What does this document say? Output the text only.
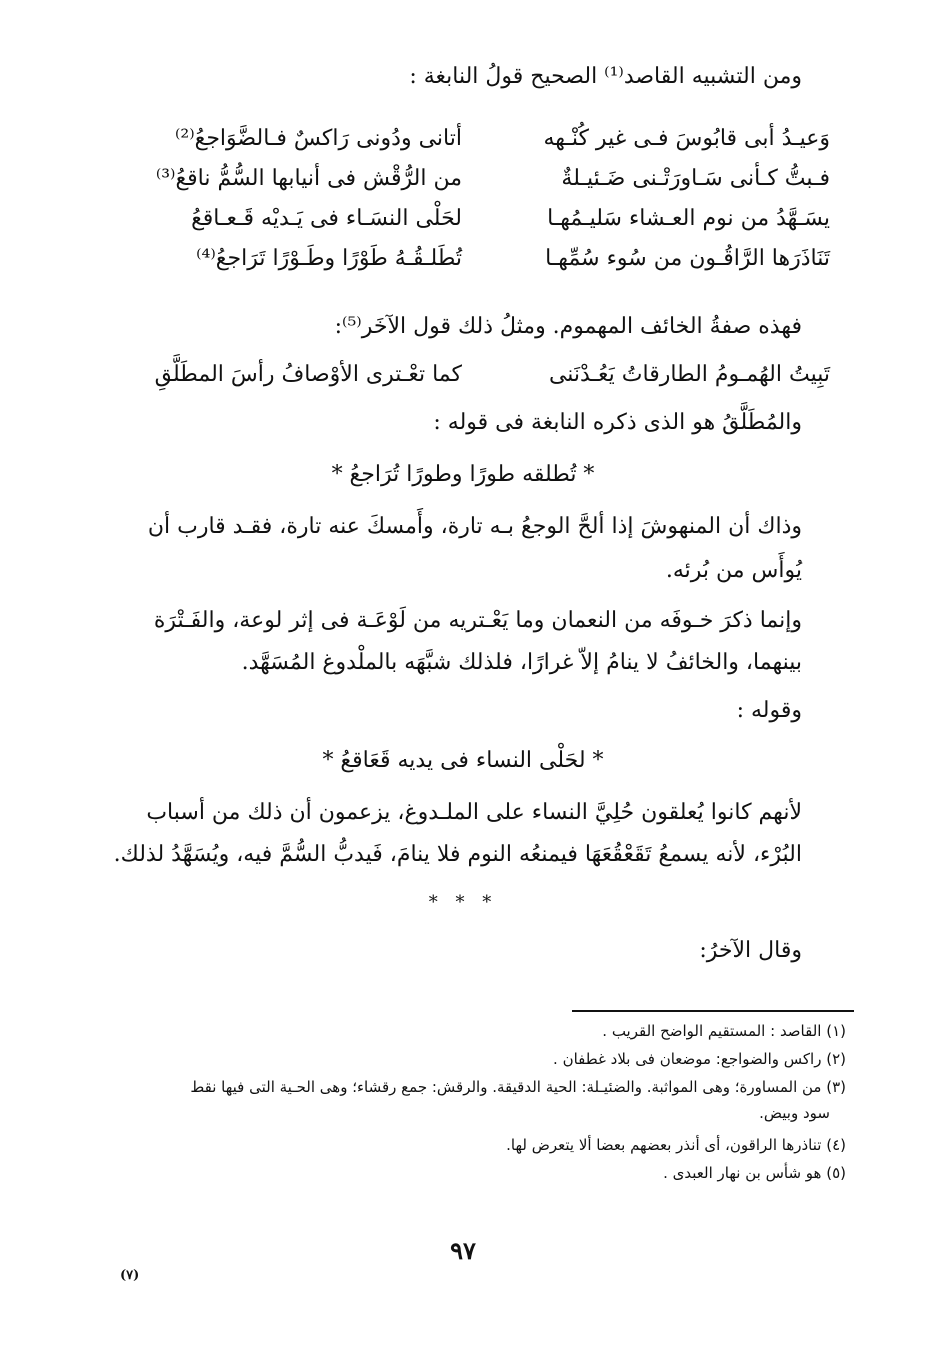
ومن التشبيه القاصد⁽¹⁾ الصحيح قولُ النابغة :
وَعيـدُ أبى قابُوسَ فـى غير كُنْـهه
أتانى ودُونى رَاكسٌ فـالضَّوَاجعُ⁽²⁾
فـبتُّ كـأنى سَـاورَتْـنى ضَـئيـلةٌ
من الرُّقْش فى أنيابها السُّمُّ ناقعُ⁽³⁾
يسَـهَّدُ من نوم العـشاء سَليـمُهـا
لحَلْى النسَـاء فى يَـديْه قَـعـاقعُ
تَنَاذَرَها الرَّاقُـون من سُوء سُمِّهـا
تُطَلـقُـهُ طَوْرًا وطَـوْرًا تَرَاجعُ⁽⁴⁾
فهذه صفةُ الخائف المهموم. ومثلُ ذلك قول الآخَر⁽⁵⁾:
تَبِيتُ الهُمـومُ الطارقاتُ يَعُـدْنَنى
كما تعْـترى الأوْصافُ رأسَ المطَلَّقِ
والمُطَلَّقُ هو الذى ذكره النابغة فى قوله :
* تُطلقه طورًا وطورًا تُرَاجعُ *
وذاك أن المنهوشَ إذا ألحَّ الوجعُ بـه تارة، وأَمسكَ عنه تارة، فقـد قارب أن
يُوأَس من بُرئه.
وإنما ذكرَ خـوفَه من النعمان وما يَعْـتريه من لَوْعَـة فى إثر لوعة، والفَـتْرَة
بينهما، والخائفُ لا ينامُ إلاّ غرارًا، فلذلك شبَّهَه بالملْدوغ المُسَهَّد.
وقوله :
* لحَلْى النساء فى يديه قَعَاقعُ *
لأنهم كانوا يُعلقون حُلِيَّ النساء على الملـدوغ، يزعمون أن ذلك من أسباب
البُرْء، لأنه يسمعُ تَقَعْقُعَهَا فيمنعُه النوم فلا ينامَ، فَيدبُّ السُّمَّ فيه، ويُسَهَّدُ لذلك.
* * *
وقال الآخرُ:
(١) القاصد : المستقيم الواضح القريب .
(٢) راكس والضواجع: موضعان فى بلاد غطفان .
(٣) من المساورة؛ وهى المواثبة. والضئيـلة: الحية الدقيقة. والرقش: جمع رقشاء؛ وهى الحـية التى فيها نقط
سود وبيض.
(٤) تناذرها الراقون، أى أنذر بعضهم بعضا ألا يتعرض لها.
(٥) هو شأس بن نهار العبدى .
٩٧
(٧)
